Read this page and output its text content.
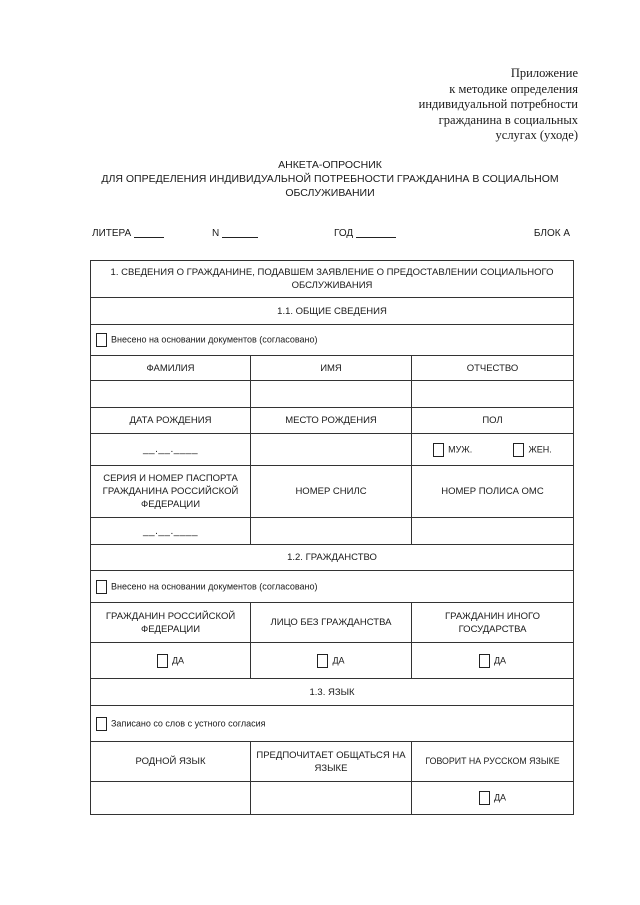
Приложение
к методике определения
индивидуальной потребности
гражданина в социальных
услугах (уходе)
АНКЕТА-ОПРОСНИК
ДЛЯ ОПРЕДЕЛЕНИЯ ИНДИВИДУАЛЬНОЙ ПОТРЕБНОСТИ ГРАЖДАНИНА В СОЦИАЛЬНОМ
ОБСЛУЖИВАНИИ
ЛИТЕРА	N	ГОД	БЛОК А
1. СВЕДЕНИЯ О ГРАЖДАНИНЕ, ПОДАВШЕМ ЗАЯВЛЕНИЕ О ПРЕДОСТАВЛЕНИИ СОЦИАЛЬНОГО ОБСЛУЖИВАНИЯ		
1.1. ОБЩИЕ СВЕДЕНИЯ		
Внесено на основании документов (согласовано)		
ФАМИЛИЯ	ИМЯ	ОТЧЕСТВО

ДАТА РОЖДЕНИЯ	МЕСТО РОЖДЕНИЯ	ПОЛ
__.__.____		МУЖ. ЖЕН.
СЕРИЯ И НОМЕР ПАСПОРТА ГРАЖДАНИНА РОССИЙСКОЙ ФЕДЕРАЦИИ	НОМЕР СНИЛС	НОМЕР ПОЛИСА ОМС
__.__.____		
1.2. ГРАЖДАНСТВО		
Внесено на основании документов (согласовано)		
ГРАЖДАНИН РОССИЙСКОЙ ФЕДЕРАЦИИ	ЛИЦО БЕЗ ГРАЖДАНСТВА	ГРАЖДАНИН ИНОГО ГОСУДАРСТВА
ДА	ДА	ДА
1.3. ЯЗЫК		
Записано со слов с устного согласия		
РОДНОЙ ЯЗЫК	ПРЕДПОЧИТАЕТ ОБЩАТЬСЯ НА ЯЗЫКЕ	ГОВОРИТ НА РУССКОМ ЯЗЫКЕ
		ДА
